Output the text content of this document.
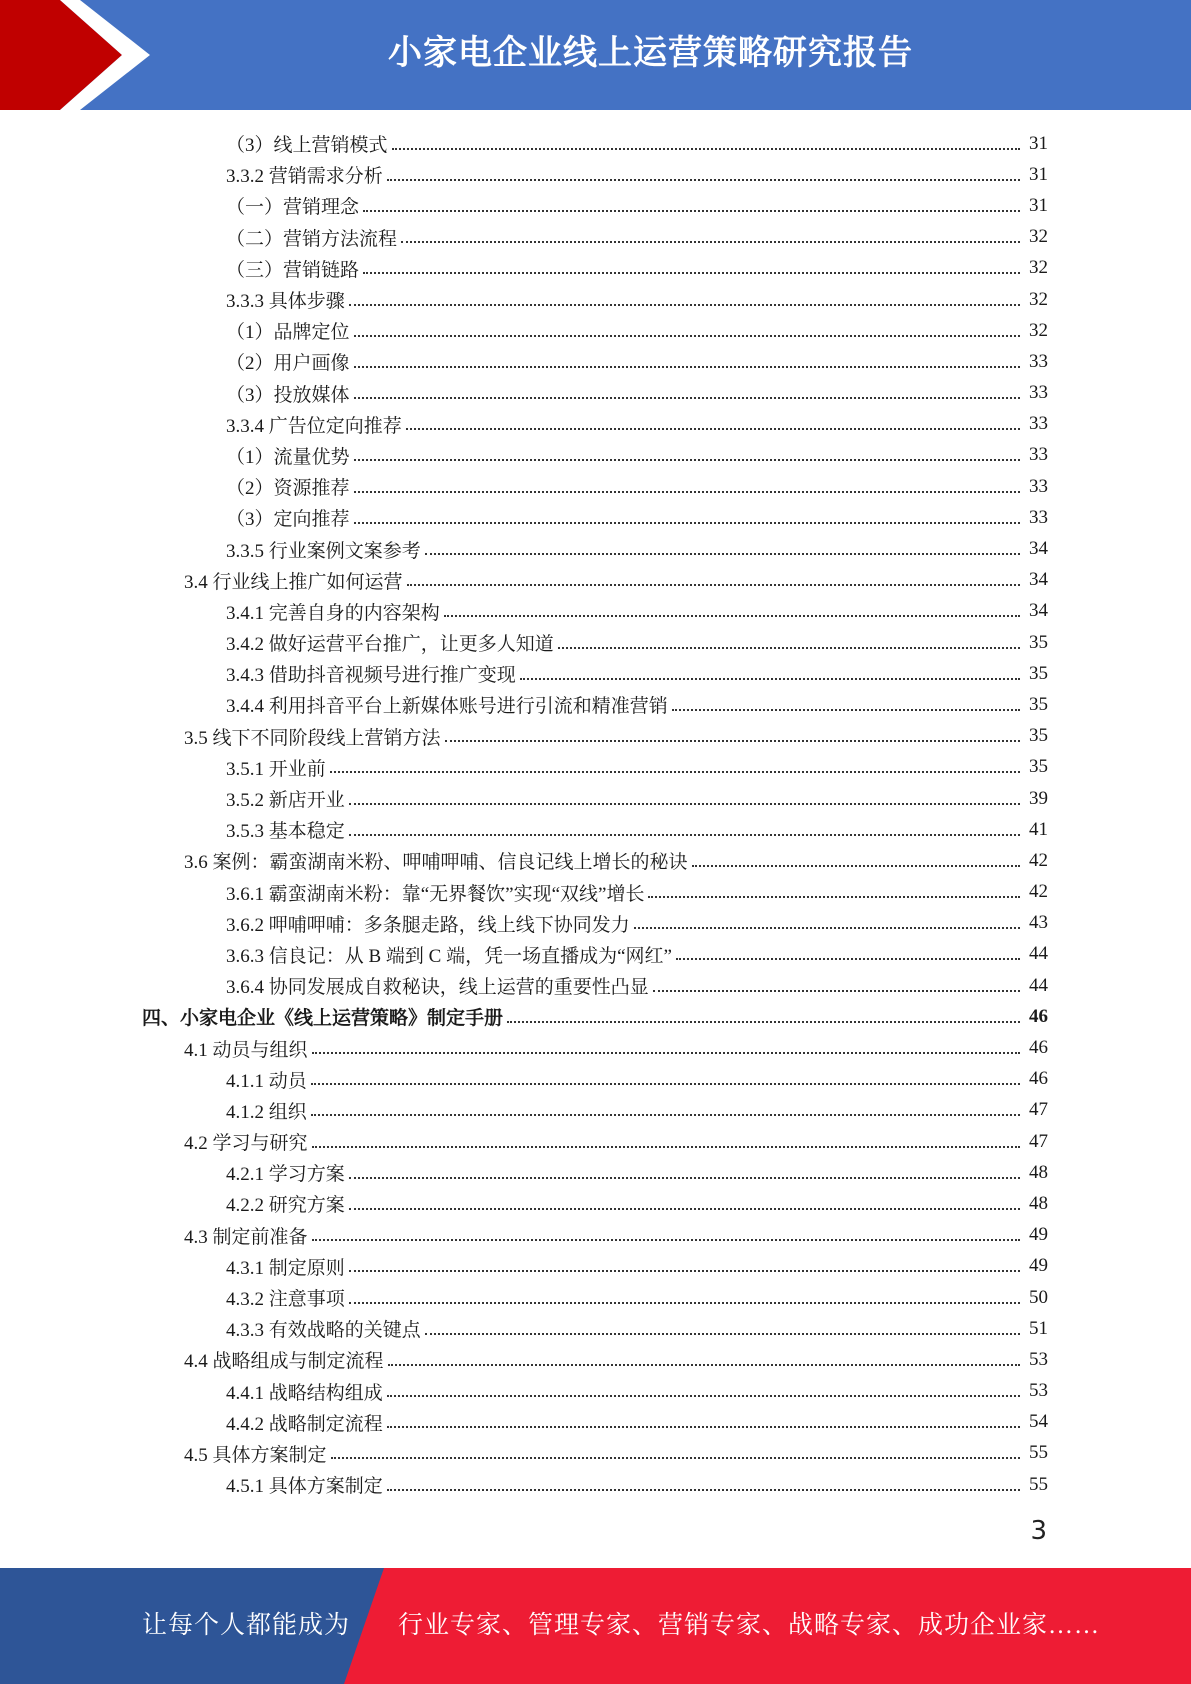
小家电企业线上运营策略研究报告
（3）线上营销模式	31
3.3.2 营销需求分析	31
（一）营销理念	31
（二）营销方法流程	32
（三）营销链路	32
3.3.3 具体步骤	32
（1）品牌定位	32
（2）用户画像	33
（3）投放媒体	33
3.3.4 广告位定向推荐	33
（1）流量优势	33
（2）资源推荐	33
（3）定向推荐	33
3.3.5 行业案例文案参考	34
3.4 行业线上推广如何运营	34
3.4.1 完善自身的内容架构	34
3.4.2 做好运营平台推广，让更多人知道	35
3.4.3 借助抖音视频号进行推广变现	35
3.4.4 利用抖音平台上新媒体账号进行引流和精准营销	35
3.5 线下不同阶段线上营销方法	35
3.5.1 开业前	35
3.5.2 新店开业	39
3.5.3 基本稳定	41
3.6 案例：霸蛮湖南米粉、呷哺呷哺、信良记线上增长的秘诀	42
3.6.1 霸蛮湖南米粉：靠“无界餐饮”实现“双线”增长	42
3.6.2 呷哺呷哺：多条腿走路，线上线下协同发力	43
3.6.3 信良记：从 B 端到 C 端，凭一场直播成为“网红”	44
3.6.4 协同发展成自救秘诀，线上运营的重要性凸显	44
四、小家电企业《线上运营策略》制定手册	46
4.1 动员与组织	46
4.1.1 动员	46
4.1.2 组织	47
4.2 学习与研究	47
4.2.1 学习方案	48
4.2.2 研究方案	48
4.3 制定前准备	49
4.3.1 制定原则	49
4.3.2 注意事项	50
4.3.3 有效战略的关键点	51
4.4 战略组成与制定流程	53
4.4.1 战略结构组成	53
4.4.2 战略制定流程	54
4.5 具体方案制定	55
4.5.1 具体方案制定	55
3
让每个人都能成为 行业专家、管理专家、营销专家、战略专家、成功企业家……
